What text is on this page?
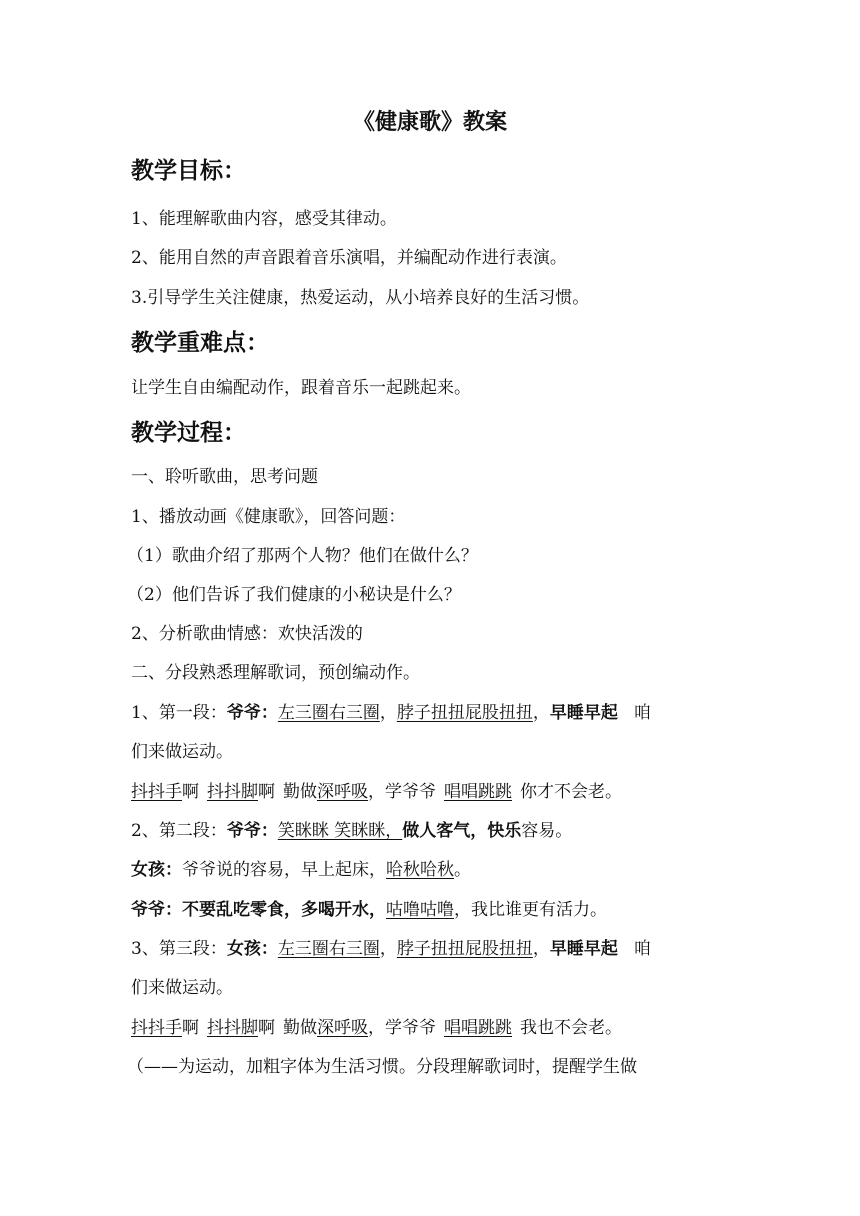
《健康歌》教案
教学目标：
1、能理解歌曲内容，感受其律动。
2、能用自然的声音跟着音乐演唱，并编配动作进行表演。
3.引导学生关注健康，热爱运动，从小培养良好的生活习惯。
教学重难点：
让学生自由编配动作，跟着音乐一起跳起来。
教学过程：
一、聆听歌曲，思考问题
1、播放动画《健康歌》，回答问题：
（1）歌曲介绍了那两个人物？他们在做什么？
（2）他们告诉了我们健康的小秘诀是什么？
2、分析歌曲情感：欢快活泼的
二、分段熟悉理解歌词，预创编动作。
1、第一段：爷爷：左三圈右三圈，脖子扭扭屁股扭扭，早睡早起 咱
们来做运动。
抖抖手啊 抖抖脚啊 勤做深呼吸，学爷爷 唱唱跳跳 你才不会老。
2、第二段：爷爷：笑眯眯 笑眯眯，做人客气，快乐容易。
女孩：爷爷说的容易，早上起床，哈秋哈秋。
爷爷：不要乱吃零食，多喝开水，咕噜咕噜，我比谁更有活力。
3、第三段：女孩：左三圈右三圈，脖子扭扭屁股扭扭，早睡早起 咱
们来做运动。
抖抖手啊 抖抖脚啊 勤做深呼吸，学爷爷 唱唱跳跳 我也不会老。
（——为运动，加粗字体为生活习惯。分段理解歌词时，提醒学生做
